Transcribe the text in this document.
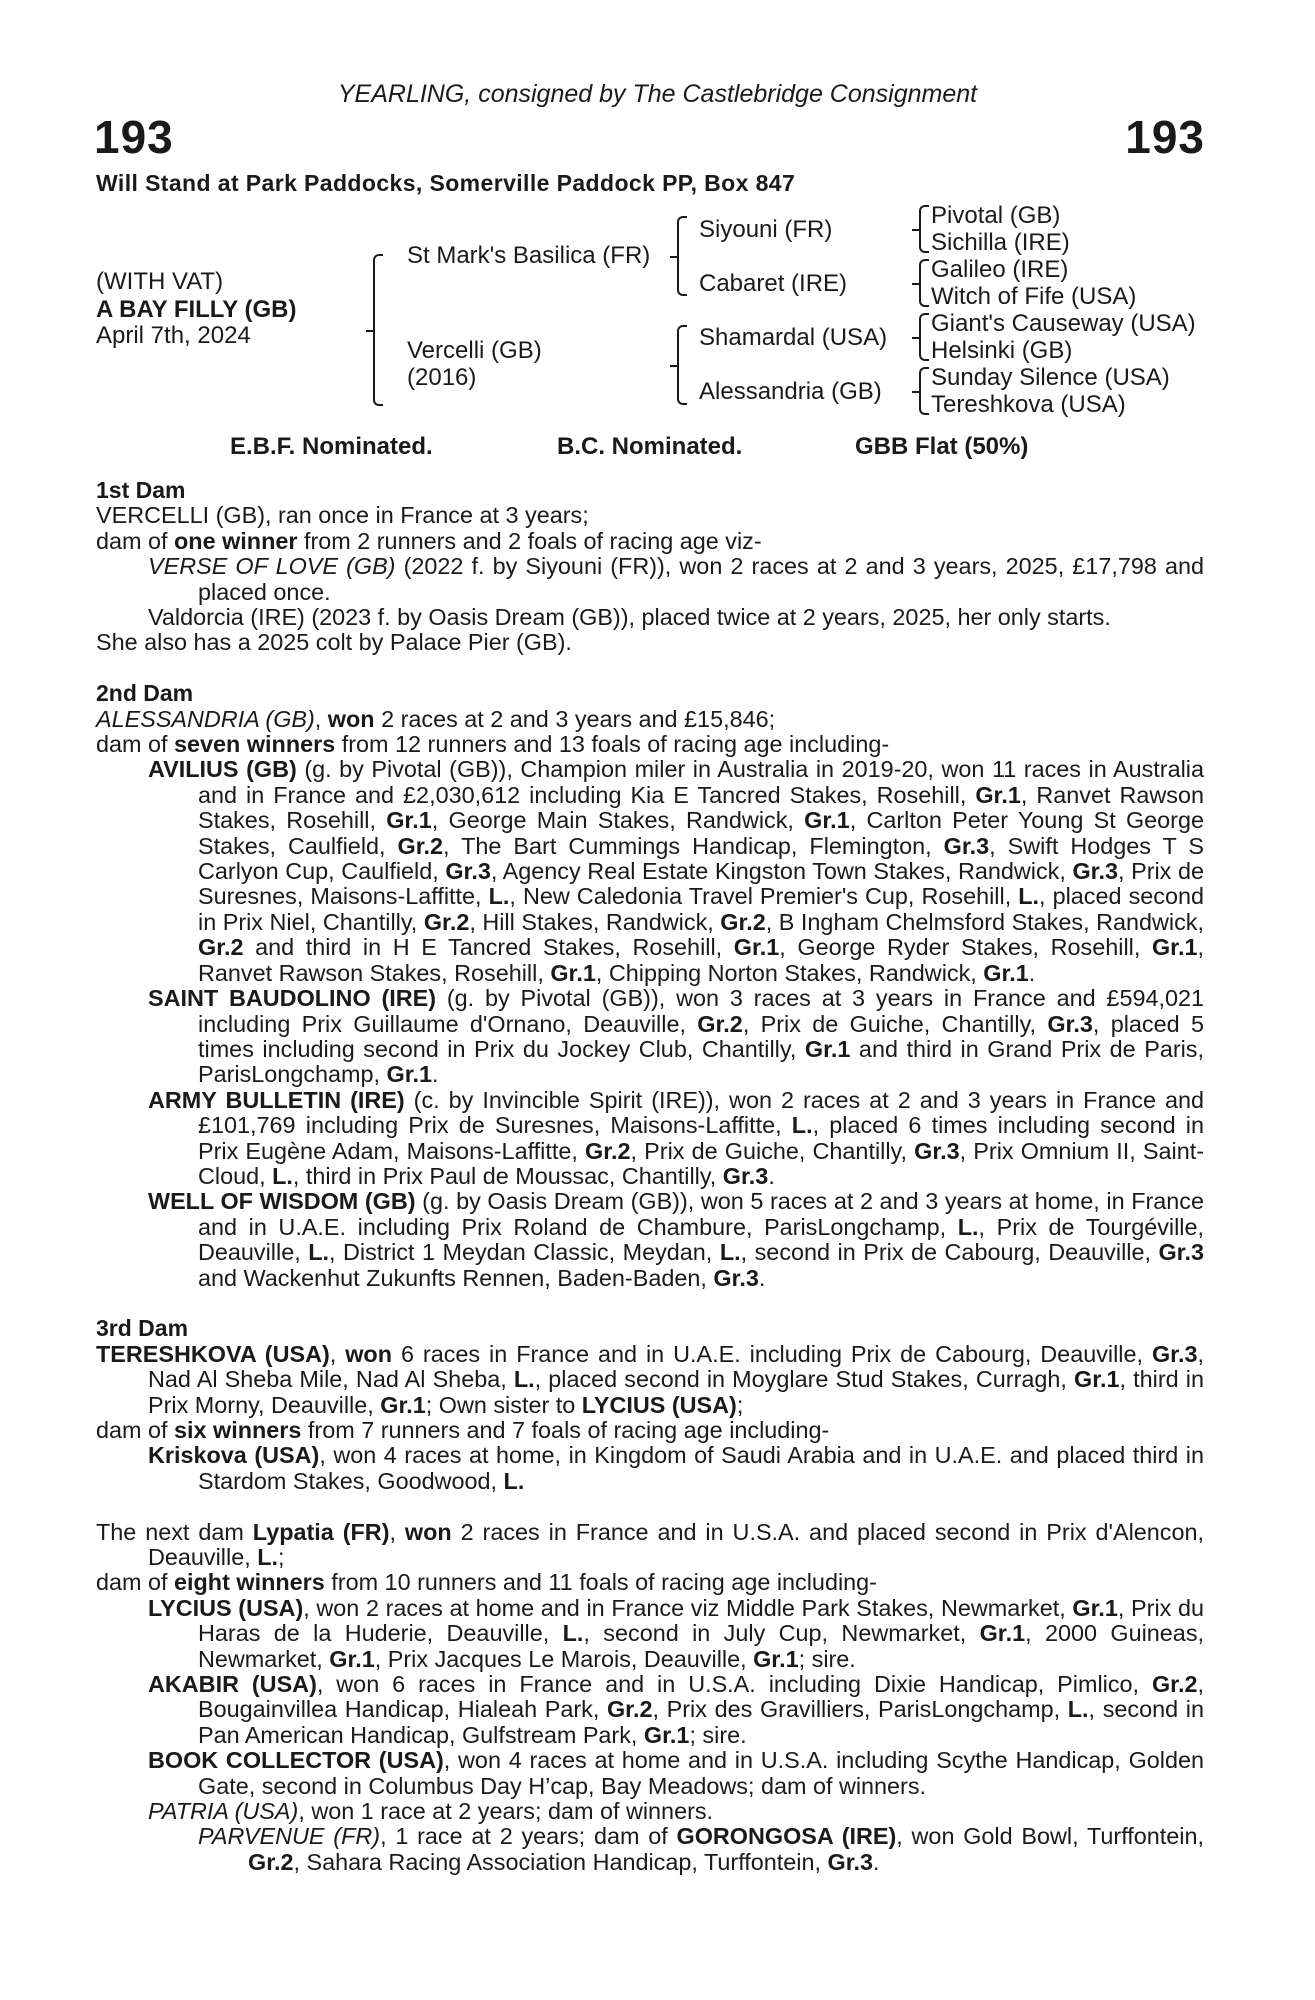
YEARLING, consigned by The Castlebridge Consignment
193	193
Will Stand at Park Paddocks, Somerville Paddock PP, Box 847
(WITH VAT)
A BAY FILLY (GB)
April 7th, 2024
St Mark's Basilica (FR)
Vercelli (GB)
(2016)
Siyouni (FR)
Cabaret (IRE)
Shamardal (USA)
Alessandria (GB)
Pivotal (GB)
Sichilla (IRE)
Galileo (IRE)
Witch of Fife (USA)
Giant's Causeway (USA)
Helsinki (GB)
Sunday Silence (USA)
Tereshkova (USA)
E.B.F. Nominated.	B.C. Nominated.	GBB Flat (50%)
1st Dam
VERCELLI (GB), ran once in France at 3 years;
dam of one winner from 2 runners and 2 foals of racing age viz-
VERSE OF LOVE (GB) (2022 f. by Siyouni (FR)), won 2 races at 2 and 3 years, 2025, £17,798 and placed once.
Valdorcia (IRE) (2023 f. by Oasis Dream (GB)), placed twice at 2 years, 2025, her only starts.
She also has a 2025 colt by Palace Pier (GB).
2nd Dam
ALESSANDRIA (GB), won 2 races at 2 and 3 years and £15,846;
dam of seven winners from 12 runners and 13 foals of racing age including-
AVILIUS (GB) (g. by Pivotal (GB)), Champion miler in Australia in 2019-20, won 11 races in Australia and in France and £2,030,612 including Kia E Tancred Stakes, Rosehill, Gr.1, Ranvet Rawson Stakes, Rosehill, Gr.1, George Main Stakes, Randwick, Gr.1, Carlton Peter Young St George Stakes, Caulfield, Gr.2, The Bart Cummings Handicap, Flemington, Gr.3, Swift Hodges T S Carlyon Cup, Caulfield, Gr.3, Agency Real Estate Kingston Town Stakes, Randwick, Gr.3, Prix de Suresnes, Maisons-Laffitte, L., New Caledonia Travel Premier's Cup, Rosehill, L., placed second in Prix Niel, Chantilly, Gr.2, Hill Stakes, Randwick, Gr.2, B Ingham Chelmsford Stakes, Randwick, Gr.2 and third in H E Tancred Stakes, Rosehill, Gr.1, George Ryder Stakes, Rosehill, Gr.1, Ranvet Rawson Stakes, Rosehill, Gr.1, Chipping Norton Stakes, Randwick, Gr.1.
SAINT BAUDOLINO (IRE) (g. by Pivotal (GB)), won 3 races at 3 years in France and £594,021 including Prix Guillaume d'Ornano, Deauville, Gr.2, Prix de Guiche, Chantilly, Gr.3, placed 5 times including second in Prix du Jockey Club, Chantilly, Gr.1 and third in Grand Prix de Paris, ParisLongchamp, Gr.1.
ARMY BULLETIN (IRE) (c. by Invincible Spirit (IRE)), won 2 races at 2 and 3 years in France and £101,769 including Prix de Suresnes, Maisons-Laffitte, L., placed 6 times including second in Prix Eugène Adam, Maisons-Laffitte, Gr.2, Prix de Guiche, Chantilly, Gr.3, Prix Omnium II, Saint-Cloud, L., third in Prix Paul de Moussac, Chantilly, Gr.3.
WELL OF WISDOM (GB) (g. by Oasis Dream (GB)), won 5 races at 2 and 3 years at home, in France and in U.A.E. including Prix Roland de Chambure, ParisLongchamp, L., Prix de Tourgéville, Deauville, L., District 1 Meydan Classic, Meydan, L., second in Prix de Cabourg, Deauville, Gr.3 and Wackenhut Zukunfts Rennen, Baden-Baden, Gr.3.
3rd Dam
TERESHKOVA (USA), won 6 races in France and in U.A.E. including Prix de Cabourg, Deauville, Gr.3, Nad Al Sheba Mile, Nad Al Sheba, L., placed second in Moyglare Stud Stakes, Curragh, Gr.1, third in Prix Morny, Deauville, Gr.1; Own sister to LYCIUS (USA);
dam of six winners from 7 runners and 7 foals of racing age including-
Kriskova (USA), won 4 races at home, in Kingdom of Saudi Arabia and in U.A.E. and placed third in Stardom Stakes, Goodwood, L.
The next dam Lypatia (FR), won 2 races in France and in U.S.A. and placed second in Prix d'Alencon, Deauville, L.;
dam of eight winners from 10 runners and 11 foals of racing age including-
LYCIUS (USA), won 2 races at home and in France viz Middle Park Stakes, Newmarket, Gr.1, Prix du Haras de la Huderie, Deauville, L., second in July Cup, Newmarket, Gr.1, 2000 Guineas, Newmarket, Gr.1, Prix Jacques Le Marois, Deauville, Gr.1; sire.
AKABIR (USA), won 6 races in France and in U.S.A. including Dixie Handicap, Pimlico, Gr.2, Bougainvillea Handicap, Hialeah Park, Gr.2, Prix des Gravilliers, ParisLongchamp, L., second in Pan American Handicap, Gulfstream Park, Gr.1; sire.
BOOK COLLECTOR (USA), won 4 races at home and in U.S.A. including Scythe Handicap, Golden Gate, second in Columbus Day H’cap, Bay Meadows; dam of winners.
PATRIA (USA), won 1 race at 2 years; dam of winners.
PARVENUE (FR), 1 race at 2 years; dam of GORONGOSA (IRE), won Gold Bowl, Turffontein, Gr.2, Sahara Racing Association Handicap, Turffontein, Gr.3.
